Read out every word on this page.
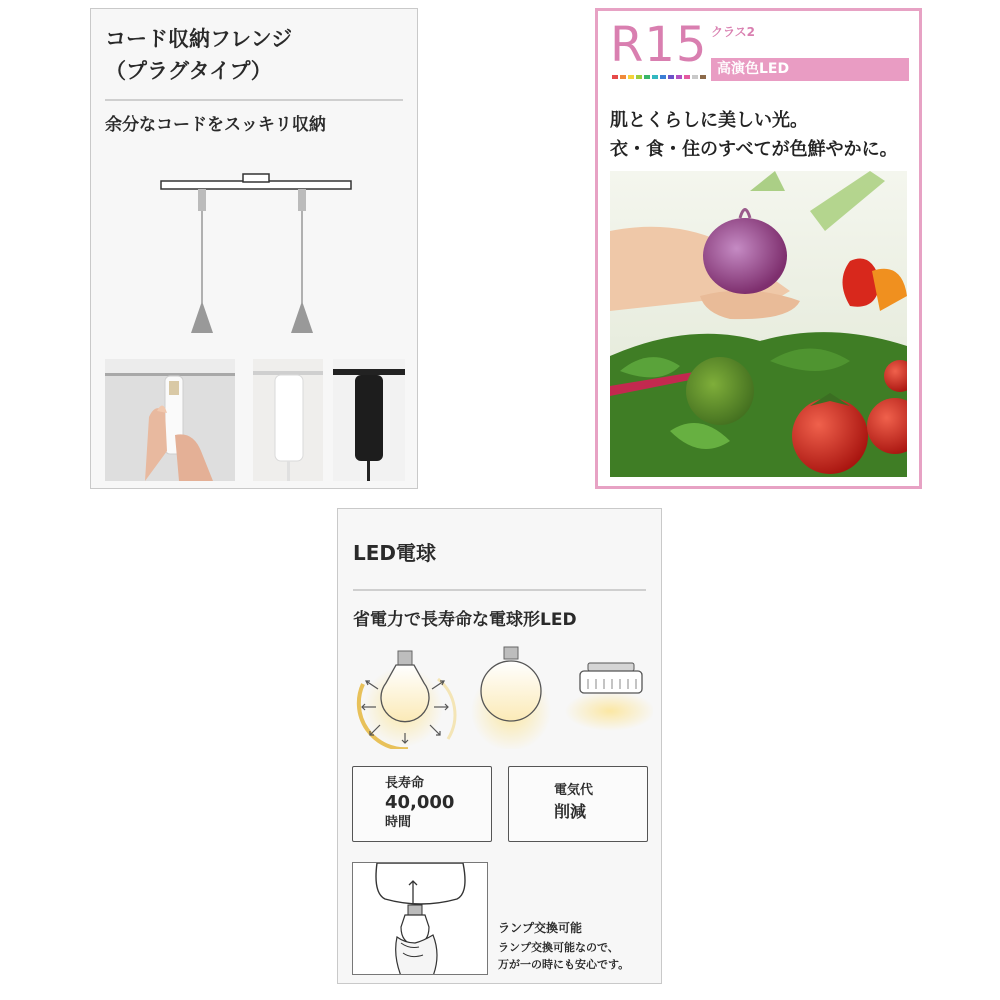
コード収納フレンジ
（プラグタイプ）
余分なコードをスッキリ収納
R15 クラス2
高演色LED
肌とくらしに美しい光。
衣・食・住のすべてが色鮮やかに。
LED電球
省電力で長寿命な電球形LED
長寿命
40,000
時間
電気代
削減
ランプ交換可能
ランプ交換可能なので、
万が一の時にも安心です。
